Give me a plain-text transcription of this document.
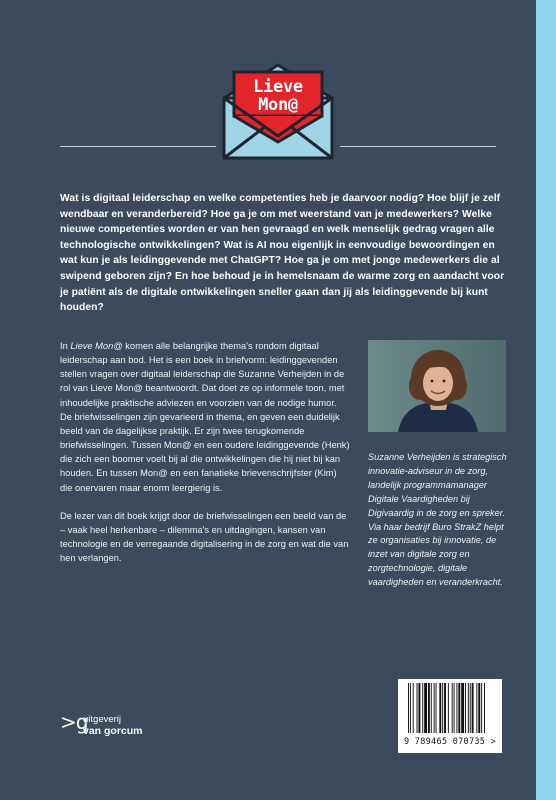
Lieve
Mon@
Wat is digitaal leiderschap en welke competenties heb je daarvoor nodig? Hoe blijf je zelf wendbaar en veranderbereid? Hoe ga je om met weerstand van je medewerkers? Welke nieuwe competenties worden er van hen gevraagd en welk menselijk gedrag vragen alle technologische ontwikkelingen? Wat is AI nou eigenlijk in eenvoudige bewoordingen en wat kun je als leidinggevende met ChatGPT? Hoe ga je om met jonge medewerkers die al swipend geboren zijn? En hoe behoud je in hemelsnaam de warme zorg en aandacht voor je patiënt als de digitale ontwikkelingen sneller gaan dan jij als leidinggevende bij kunt houden?

In Lieve Mon@ komen alle belangrijke thema's rondom digitaal leiderschap aan bod. Het is een boek in briefvorm: leidinggevenden stellen vragen over digitaal leiderschap die Suzanne Verheijden in de rol van Lieve Mon@ beantwoordt. Dat doet ze op informele toon, met inhoudelijke praktische adviezen en voorzien van de nodige humor. De briefwisselingen zijn gevarieerd in thema, en geven een duidelijk beeld van de dagelijkse praktijk. Er zijn twee terugkomende briefwisselingen. Tussen Mon@ en een oudere leidinggevende (Henk) die zich een boomer voelt bij al die ontwikkelingen die hij niet bij kan houden. En tussen Mon@ en een fanatieke brievenschrijfster (Kim) die onervaren maar enorm leergierig is.

De lezer van dit boek krijgt door de briefwisselingen een beeld van de – vaak heel herkenbare – dilemma's en uitdagingen, kansen van technologie en de verregaande digitalisering in de zorg en wat die van hen verlangen.

Suzanne Verheijden is strategisch innovatie-adviseur in de zorg, landelijk programmamanager Digitale Vaardigheden bij Digivaardig in de zorg en spreker. Via haar bedrijf Buro StrakZ helpt ze organisaties bij innovatie, de inzet van digitale zorg en zorgtechnologie, digitale vaardigheden en veranderkracht.
>g
uitgeverij
van gorcum
9 789465 070735 >
